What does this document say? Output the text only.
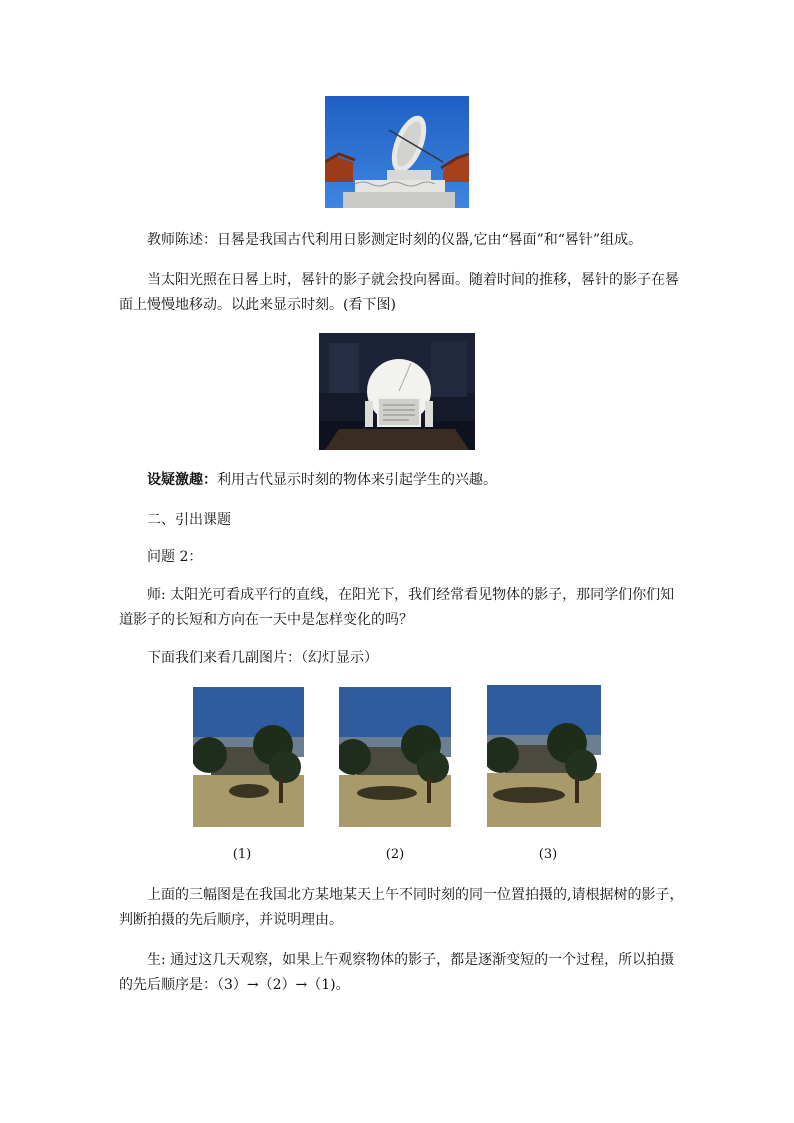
教师陈述：日晷是我国古代利用日影测定时刻的仪器,它由“晷面”和“晷针”组成。
当太阳光照在日晷上时，晷针的影子就会投向晷面。随着时间的推移，晷针的影子在晷
面上慢慢地移动。以此来显示时刻。(看下图)
设疑激趣：利用古代显示时刻的物体来引起学生的兴趣。
二、引出课题
问题 2：
师: 太阳光可看成平行的直线，在阳光下，我们经常看见物体的影子，那同学们你们知
道影子的长短和方向在一天中是怎样变化的吗？
下面我们来看几副图片：（幻灯显示）
(1)	(2)	(3)
上面的三幅图是在我国北方某地某天上午不同时刻的同一位置拍摄的,请根据树的影子，
判断拍摄的先后顺序，并说明理由。
生: 通过这几天观察，如果上午观察物体的影子，都是逐渐变短的一个过程，所以拍摄
的先后顺序是：（3）→（2）→（1)。
